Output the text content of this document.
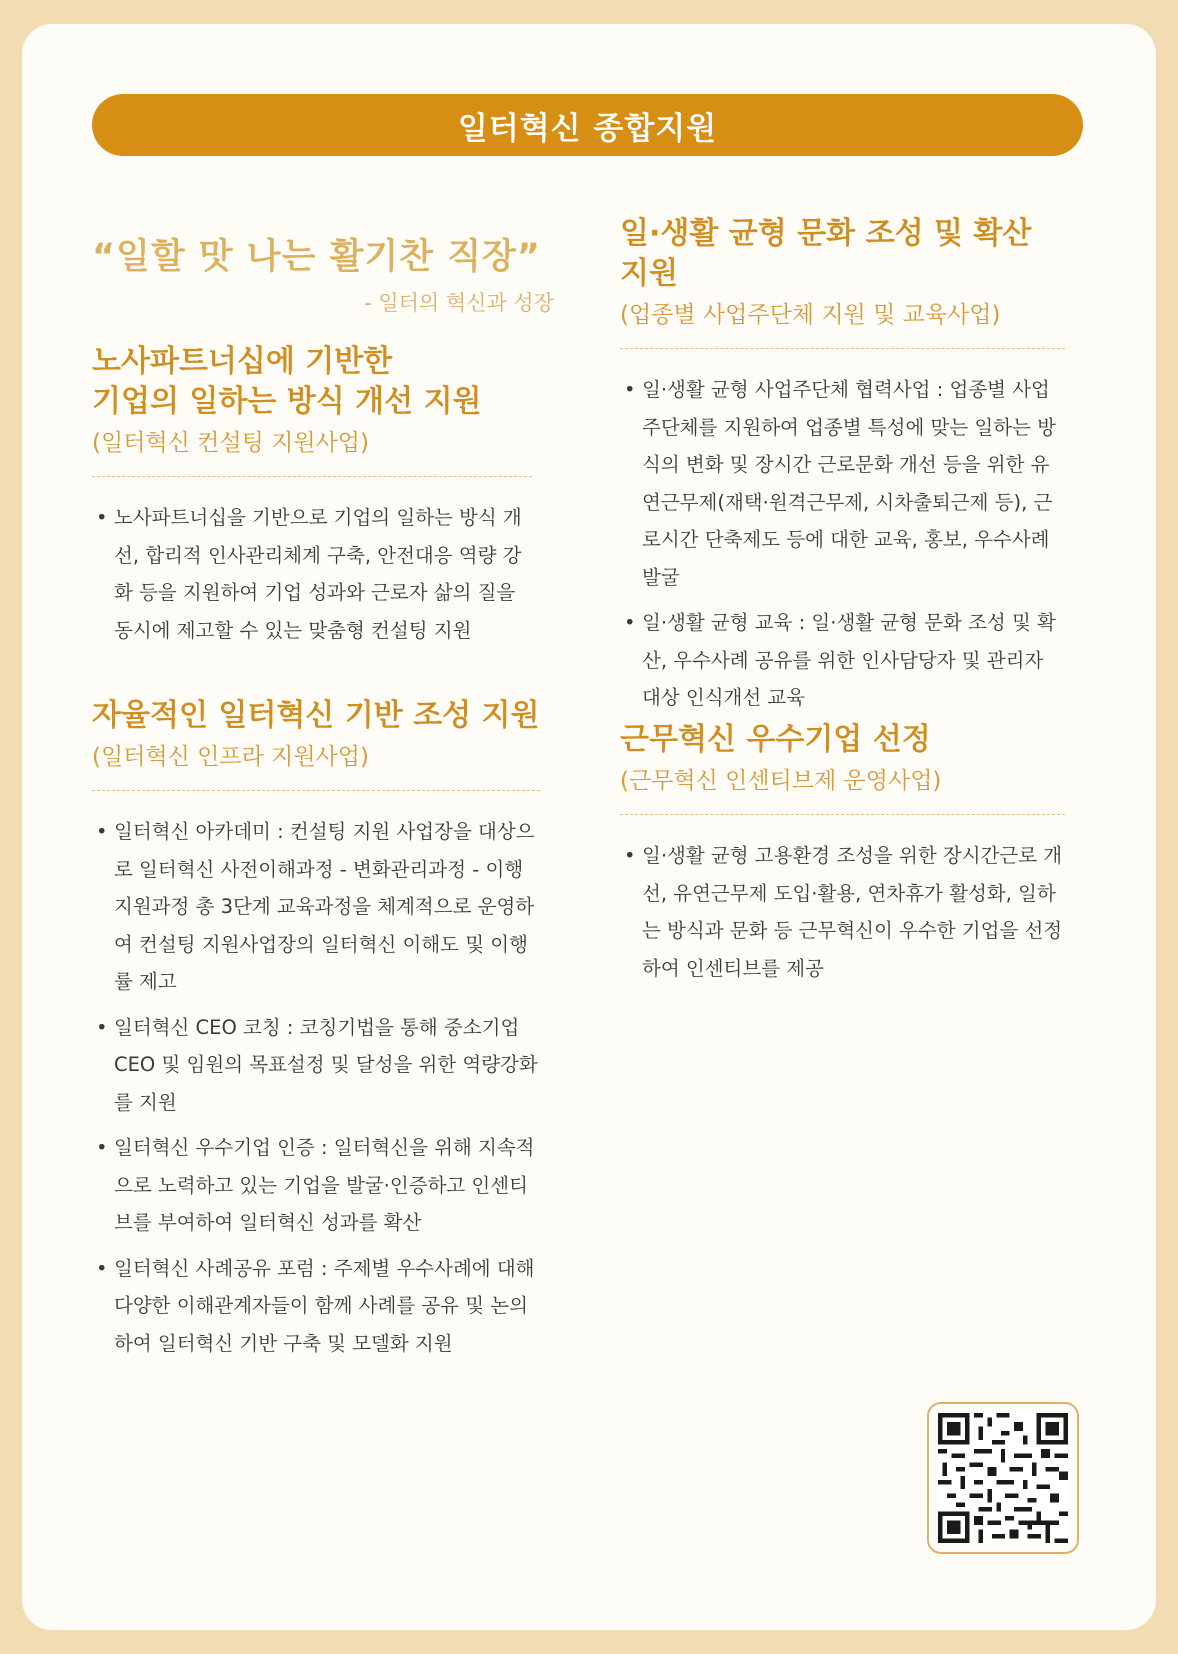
일터혁신 종합지원
“일할 맛 나는 활기찬 직장”
- 일터의 혁신과 성장
노사파트너십에 기반한
기업의 일하는 방식 개선 지원
(일터혁신 컨설팅 지원사업)
• 노사파트너십을 기반으로 기업의 일하는 방식 개선, 합리적 인사관리체계 구축, 안전대응 역량 강화 등을 지원하여 기업 성과와 근로자 삶의 질을 동시에 제고할 수 있는 맞춤형 컨설팅 지원
자율적인 일터혁신 기반 조성 지원
(일터혁신 인프라 지원사업)
• 일터혁신 아카데미 : 컨설팅 지원 사업장을 대상으로 일터혁신 사전이해과정 - 변화관리과정 - 이행지원과정 총 3단계 교육과정을 체계적으로 운영하여 컨설팅 지원사업장의 일터혁신 이해도 및 이행률 제고
• 일터혁신 CEO 코칭 : 코칭기법을 통해 중소기업 CEO 및 임원의 목표설정 및 달성을 위한 역량강화를 지원
• 일터혁신 우수기업 인증 : 일터혁신을 위해 지속적으로 노력하고 있는 기업을 발굴·인증하고 인센티브를 부여하여 일터혁신 성과를 확산
• 일터혁신 사례공유 포럼 : 주제별 우수사례에 대해 다양한 이해관계자들이 함께 사례를 공유 및 논의하여 일터혁신 기반 구축 및 모델화 지원
일·생활 균형 문화 조성 및 확산 지원
(업종별 사업주단체 지원 및 교육사업)
• 일·생활 균형 사업주단체 협력사업 : 업종별 사업주단체를 지원하여 업종별 특성에 맞는 일하는 방식의 변화 및 장시간 근로문화 개선 등을 위한 유연근무제(재택·원격근무제, 시차출퇴근제 등), 근로시간 단축제도 등에 대한 교육, 홍보, 우수사례 발굴
• 일·생활 균형 교육 : 일·생활 균형 문화 조성 및 확산, 우수사례 공유를 위한 인사담당자 및 관리자 대상 인식개선 교육
근무혁신 우수기업 선정
(근무혁신 인센티브제 운영사업)
• 일·생활 균형 고용환경 조성을 위한 장시간근로 개선, 유연근무제 도입·활용, 연차휴가 활성화, 일하는 방식과 문화 등 근무혁신이 우수한 기업을 선정하여 인센티브를 제공
